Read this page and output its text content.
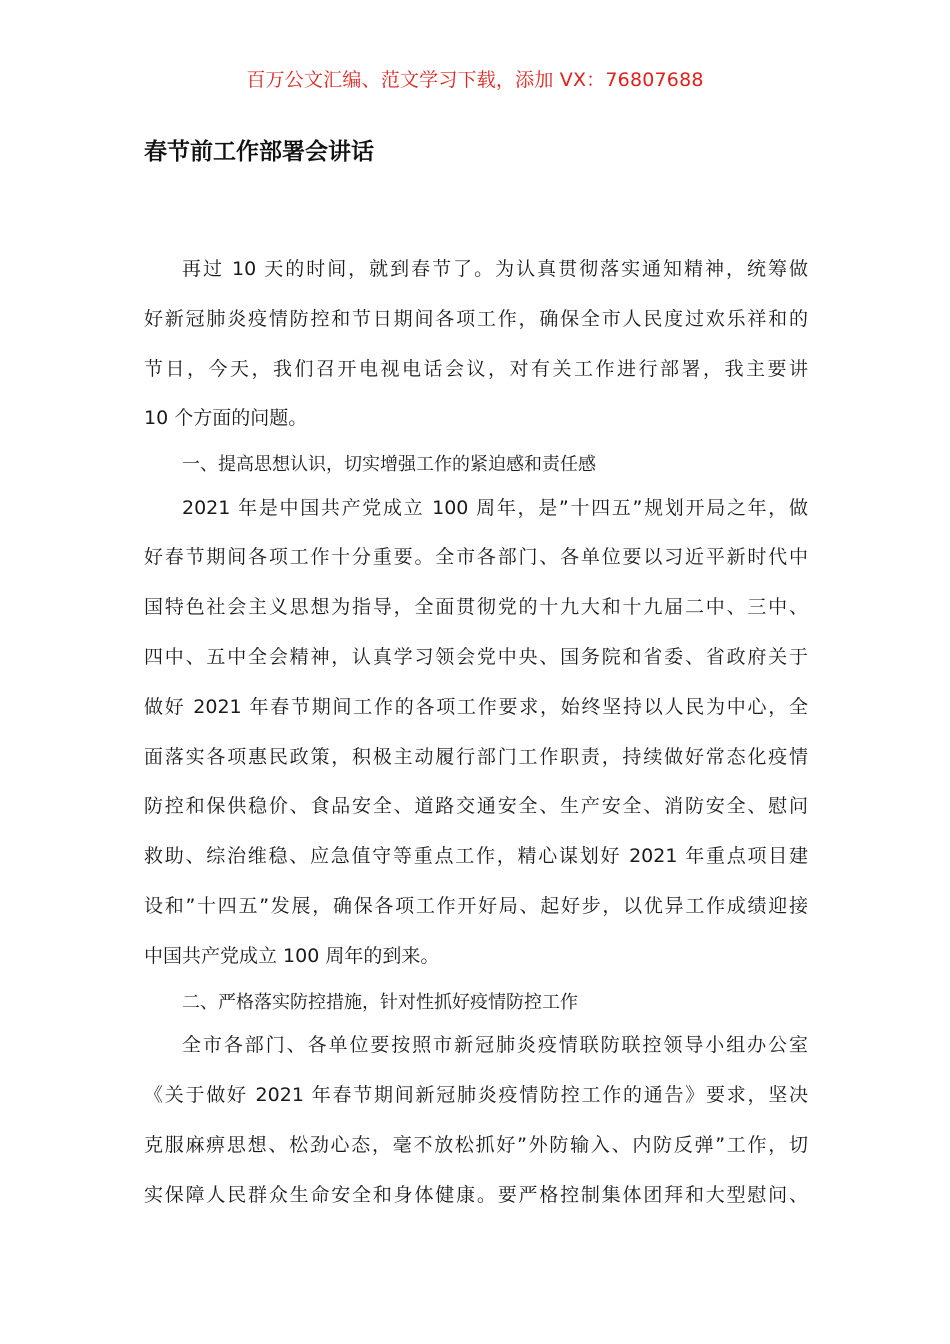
百万公文汇编、范文学习下载，添加 VX：76807688
春节前工作部署会讲话
再过 10 天的时间，就到春节了。为认真贯彻落实通知精神，统筹做
好新冠肺炎疫情防控和节日期间各项工作，确保全市人民度过欢乐祥和的
节日，今天，我们召开电视电话会议，对有关工作进行部署，我主要讲
10 个方面的问题。
一、提高思想认识，切实增强工作的紧迫感和责任感
2021 年是中国共产党成立 100 周年，是”十四五”规划开局之年，做
好春节期间各项工作十分重要。全市各部门、各单位要以习近平新时代中
国特色社会主义思想为指导，全面贯彻党的十九大和十九届二中、三中、
四中、五中全会精神，认真学习领会党中央、国务院和省委、省政府关于
做好 2021 年春节期间工作的各项工作要求，始终坚持以人民为中心，全
面落实各项惠民政策，积极主动履行部门工作职责，持续做好常态化疫情
防控和保供稳价、食品安全、道路交通安全、生产安全、消防安全、慰问
救助、综治维稳、应急值守等重点工作，精心谋划好 2021 年重点项目建
设和”十四五”发展，确保各项工作开好局、起好步，以优异工作成绩迎接
中国共产党成立 100 周年的到来。
二、严格落实防控措施，针对性抓好疫情防控工作
全市各部门、各单位要按照市新冠肺炎疫情联防联控领导小组办公室
《关于做好 2021 年春节期间新冠肺炎疫情防控工作的通告》要求，坚决
克服麻痹思想、松劲心态，毫不放松抓好”外防输入、内防反弹”工作，切
实保障人民群众生命安全和身体健康。要严格控制集体团拜和大型慰问、
